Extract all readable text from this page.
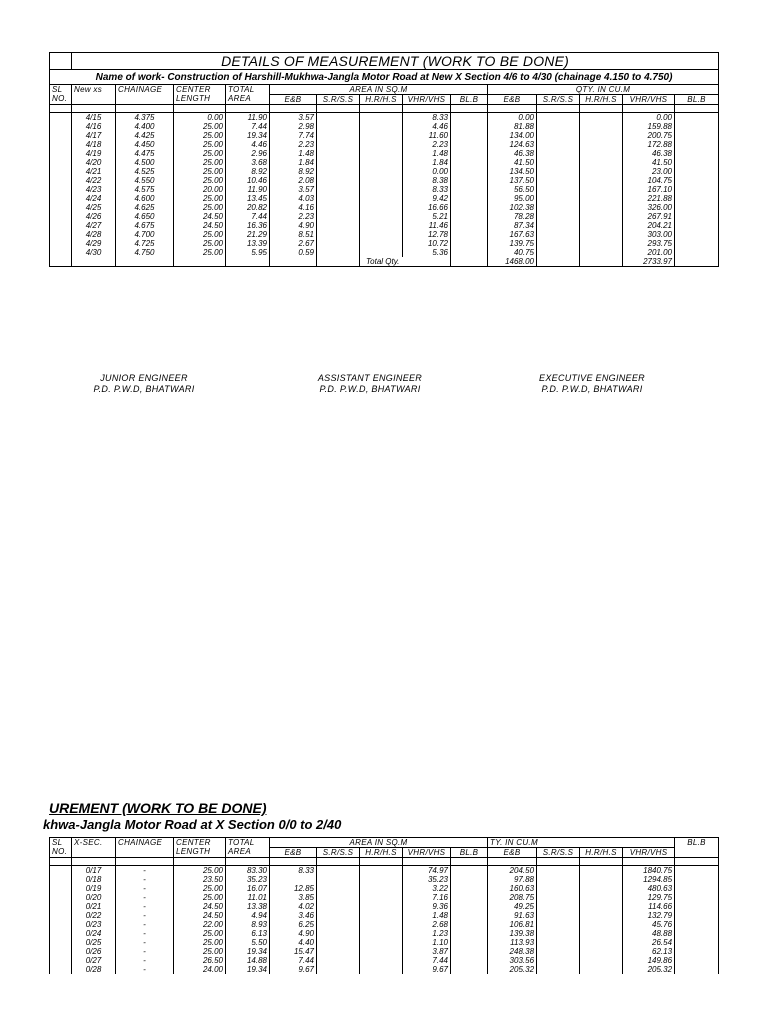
	DETAILS OF MEASUREMENT (WORK TO BE DONE)													
Name of work- Construction of Harshill-Mukhwa-Jangla Motor Road at New X Section 4/6 to 4/30 (chainage 4.150 to 4.750)														
SL NO.	New xs	CHAINAGE	CENTER LENGTH	TOTAL AREA	AREA IN SQ.M					QTY. IN CU.M				
					E&B	S.R/S.S	H.R/H.S	VHR/VHS	BL.B	E&B	S.R/S.S	H.R/H.S	VHR/VHS	BL.B

	4/15	4.375	0.00	11.90	3.57			8.33		0.00			0.00	
	4/16	4.400	25.00	7.44	2.98			4.46		81.88			159.88	
	4/17	4.425	25.00	19.34	7.74			11.60		134.00			200.75	
	4/18	4.450	25.00	4.46	2.23			2.23		124.63			172.88	
	4/19	4.475	25.00	2.96	1.48			1.48		46.38			46.38	
	4/20	4.500	25.00	3.68	1.84			1.84		41.50			41.50	
	4/21	4.525	25.00	8.92	8.92			0.00		134.50			23.00	
	4/22	4.550	25.00	10.46	2.08			8.38		137.50			104.75	
	4/23	4.575	20.00	11.90	3.57			8.33		56.50			167.10	
	4/24	4.600	25.00	13.45	4.03			9.42		95.00			221.88	
	4/25	4.625	25.00	20.82	4.16			16.66		102.38			326.00	
	4/26	4.650	24.50	7.44	2.23			5.21		78.28			267.91	
	4/27	4.675	24.50	16.36	4.90			11.46		87.34			204.21	
	4/28	4.700	25.00	21.29	8.51			12.78		167.63			303.00	
	4/29	4.725	25.00	13.39	2.67			10.72		139.75			293.75	
	4/30	4.750	25.00	5.95	0.59			5.36		40.75			201.00	
							Total Qty.			1468.00			2733.97	
JUNIOR ENGINEER
P.D. P.W.D, BHATWARI
ASSISTANT ENGINEER
P.D. P.W.D, BHATWARI
EXECUTIVE ENGINEER
P.D. P.W.D, BHATWARI
UREMENT (WORK TO BE DONE)
khwa-Jangla Motor Road at X Section 0/0 to 2/40
SL NO.	X-SEC.	CHAINAGE	CENTER LENGTH	TOTAL AREA	AREA IN SQ.M					TY. IN CU.M				BL.B
					E&B	S.R/S.S	H.R/H.S	VHR/VHS	BL.B	E&B	S.R/S.S	H.R/H.S	VHR/VHS	

	0/17	-	25.00	83.30	8.33			74.97		204.50			1840.75	
	0/18	-	23.50	35.23				35.23		97.88			1294.85	
	0/19	-	25.00	16.07	12.85			3.22		160.63			480.63	
	0/20	-	25.00	11.01	3.85			7.16		208.75			129.75	
	0/21	-	24.50	13.38	4.02			9.36		49.25			114.66	
	0/22	-	24.50	4.94	3.46			1.48		91.63			132.79	
	0/23	-	22.00	8.93	6.25			2.68		106.81			45.76	
	0/24	-	25.00	6.13	4.90			1.23		139.38			48.88	
	0/25	-	25.00	5.50	4.40			1.10		113.93			26.54	
	0/26	-	25.00	19.34	15.47			3.87		248.38			62.13	
	0/27	-	26.50	14.88	7.44			7.44		303.56			149.86	
	0/28	-	24.00	19.34	9.67			9.67		205.32			205.32	
